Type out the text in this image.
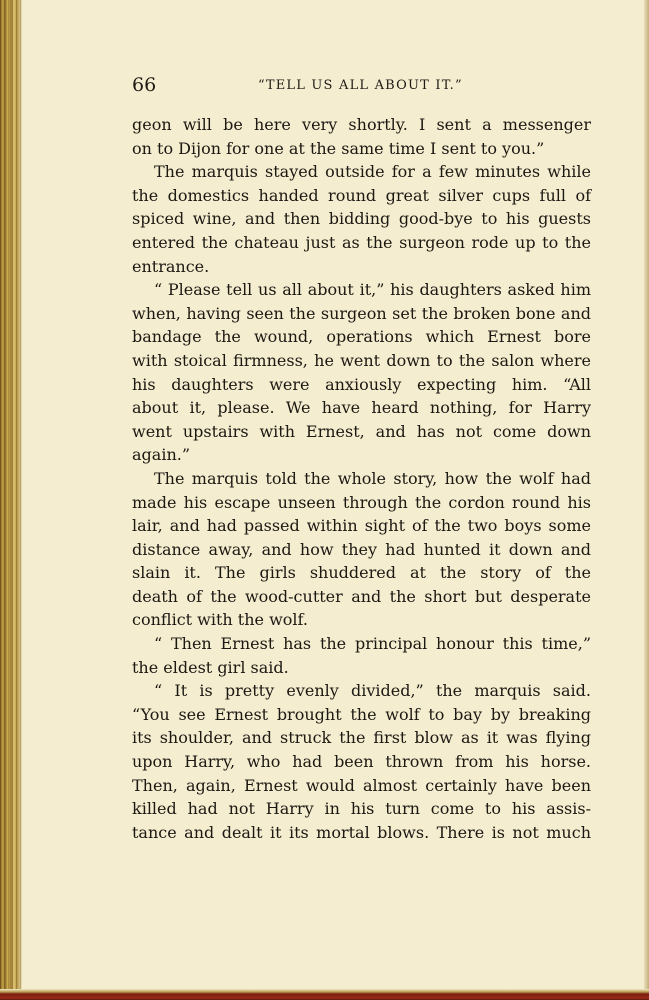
66	“TELL US ALL ABOUT IT.”
geon will be here very shortly. I sent a messenger
on to Dijon for one at the same time I sent to you.”
The marquis stayed outside for a few minutes while
the domestics handed round great silver cups full of
spiced wine, and then bidding good-bye to his guests
entered the chateau just as the surgeon rode up to the
entrance.
“ Please tell us all about it,” his daughters asked him
when, having seen the surgeon set the broken bone and
bandage the wound, operations which Ernest bore
with stoical firmness, he went down to the salon where
his daughters were anxiously expecting him. “All
about it, please. We have heard nothing, for Harry
went upstairs with Ernest, and has not come down
again.”
The marquis told the whole story, how the wolf had
made his escape unseen through the cordon round his
lair, and had passed within sight of the two boys some
distance away, and how they had hunted it down and
slain it. The girls shuddered at the story of the
death of the wood-cutter and the short but desperate
conflict with the wolf.
“ Then Ernest has the principal honour this time,”
the eldest girl said.
“ It is pretty evenly divided,” the marquis said.
“You see Ernest brought the wolf to bay by breaking
its shoulder, and struck the first blow as it was flying
upon Harry, who had been thrown from his horse.
Then, again, Ernest would almost certainly have been
killed had not Harry in his turn come to his assis-
tance and dealt it its mortal blows. There is not much
